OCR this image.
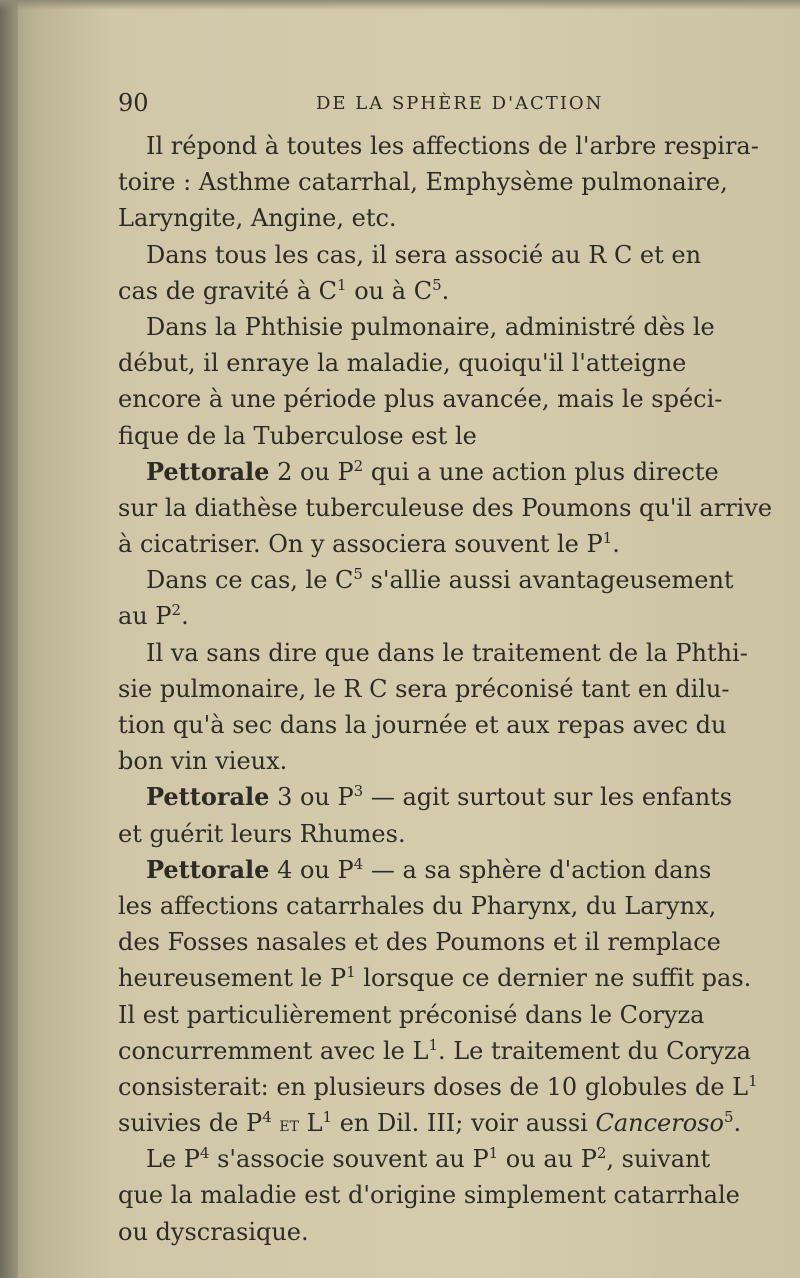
90	DE LA SPHÈRE D'ACTION
Il répond à toutes les affections de l'arbre respira-
toire : Asthme catarrhal, Emphysème pulmonaire,
Laryngite, Angine, etc.
Dans tous les cas, il sera associé au R C et en
cas de gravité à $C^1$ ou à $C^5$.
Dans la Phthisie pulmonaire, administré dès le
début, il enraye la maladie, quoiqu'il l'atteigne
encore à une période plus avancée, mais le spéci-
fique de la Tuberculose est le
Pettorale 2 ou $P^2$ qui a une action plus directe
sur la diathèse tuberculeuse des Poumons qu'il arrive
à cicatriser. On y associera souvent le $P^1$.
Dans ce cas, le $C^5$ s'allie aussi avantageusement
au $P^2$.
Il va sans dire que dans le traitement de la Phthi-
sie pulmonaire, le R C sera préconisé tant en dilu-
tion qu'à sec dans la journée et aux repas avec du
bon vin vieux.
Pettorale 3 ou $P^3$ — agit surtout sur les enfants
et guérit leurs Rhumes.
Pettorale 4 ou $P^4$ — a sa sphère d'action dans
les affections catarrhales du Pharynx, du Larynx,
des Fosses nasales et des Poumons et il remplace
heureusement le $P^1$ lorsque ce dernier ne suffit pas.
Il est particulièrement préconisé dans le Coryza
concurremment avec le $L^1$. Le traitement du Coryza
consisterait: en plusieurs doses de 10 globules de $L^1$
suivies de $P^4$ et $L^1$ en Dil. III; voir aussi Canceroso$^5$.
Le $P^4$ s'associe souvent au $P^1$ ou au $P^2$, suivant
que la maladie est d'origine simplement catarrhale
ou dyscrasique.
